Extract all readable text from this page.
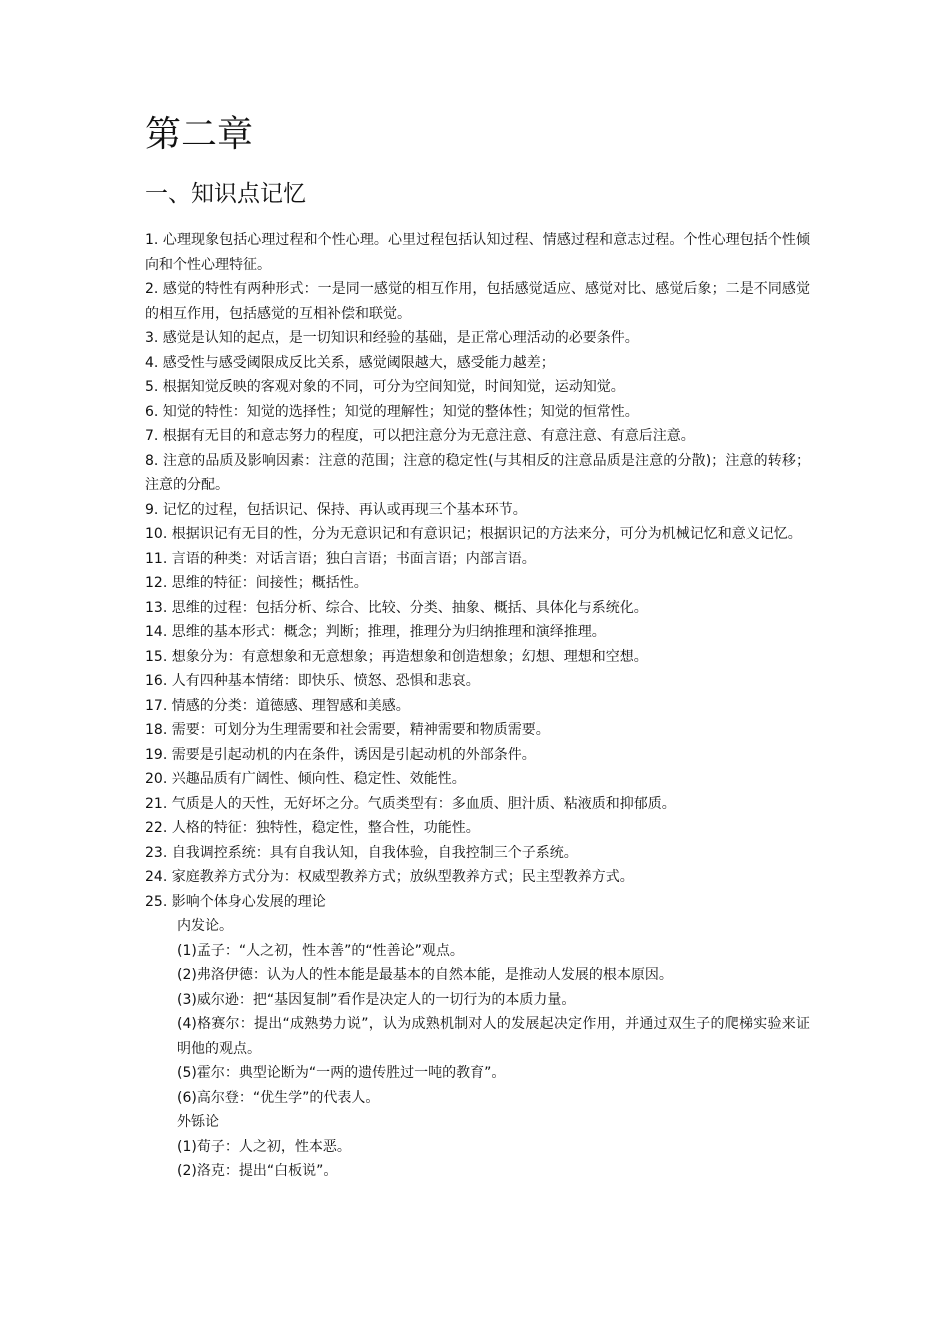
第二章
一、知识点记忆

1. 心理现象包括心理过程和个性心理。心里过程包括认知过程、情感过程和意志过程。个性心理包括个性倾向和个性心理特征。

2. 感觉的特性有两种形式：一是同一感觉的相互作用，包括感觉适应、感觉对比、感觉后象；二是不同感觉的相互作用，包括感觉的互相补偿和联觉。

3. 感觉是认知的起点，是一切知识和经验的基础，是正常心理活动的必要条件。

4. 感受性与感受阈限成反比关系，感觉阈限越大，感受能力越差；

5. 根据知觉反映的客观对象的不同，可分为空间知觉，时间知觉，运动知觉。

6. 知觉的特性：知觉的选择性；知觉的理解性；知觉的整体性；知觉的恒常性。

7. 根据有无目的和意志努力的程度，可以把注意分为无意注意、有意注意、有意后注意。

8. 注意的品质及影响因素：注意的范围；注意的稳定性(与其相反的注意品质是注意的分散)；注意的转移；注意的分配。

9. 记忆的过程，包括识记、保持、再认或再现三个基本环节。

10. 根据识记有无目的性，分为无意识记和有意识记；根据识记的方法来分，可分为机械记忆和意义记忆。

11. 言语的种类：对话言语；独白言语；书面言语；内部言语。

12. 思维的特征：间接性；概括性。

13. 思维的过程：包括分析、综合、比较、分类、抽象、概括、具体化与系统化。

14. 思维的基本形式：概念；判断；推理，推理分为归纳推理和演绎推理。

15. 想象分为：有意想象和无意想象；再造想象和创造想象；幻想、理想和空想。

16. 人有四种基本情绪：即快乐、愤怒、恐惧和悲哀。

17. 情感的分类：道德感、理智感和美感。

18. 需要：可划分为生理需要和社会需要，精神需要和物质需要。

19. 需要是引起动机的内在条件，诱因是引起动机的外部条件。

20. 兴趣品质有广阔性、倾向性、稳定性、效能性。

21. 气质是人的天性，无好坏之分。气质类型有：多血质、胆汁质、粘液质和抑郁质。

22. 人格的特征：独特性，稳定性，整合性，功能性。

23. 自我调控系统：具有自我认知，自我体验，自我控制三个子系统。

24. 家庭教养方式分为：权威型教养方式；放纵型教养方式；民主型教养方式。

25. 影响个体身心发展的理论

内发论。

(1)孟子：“人之初，性本善”的“性善论”观点。

(2)弗洛伊德：认为人的性本能是最基本的自然本能，是推动人发展的根本原因。

(3)威尔逊：把“基因复制”看作是决定人的一切行为的本质力量。

(4)格赛尔：提出“成熟势力说”，认为成熟机制对人的发展起决定作用，并通过双生子的爬梯实验来证明他的观点。

(5)霍尔：典型论断为“一两的遗传胜过一吨的教育”。

(6)高尔登：“优生学”的代表人。

外铄论

(1)荀子：人之初，性本恶。

(2)洛克：提出“白板说”。
